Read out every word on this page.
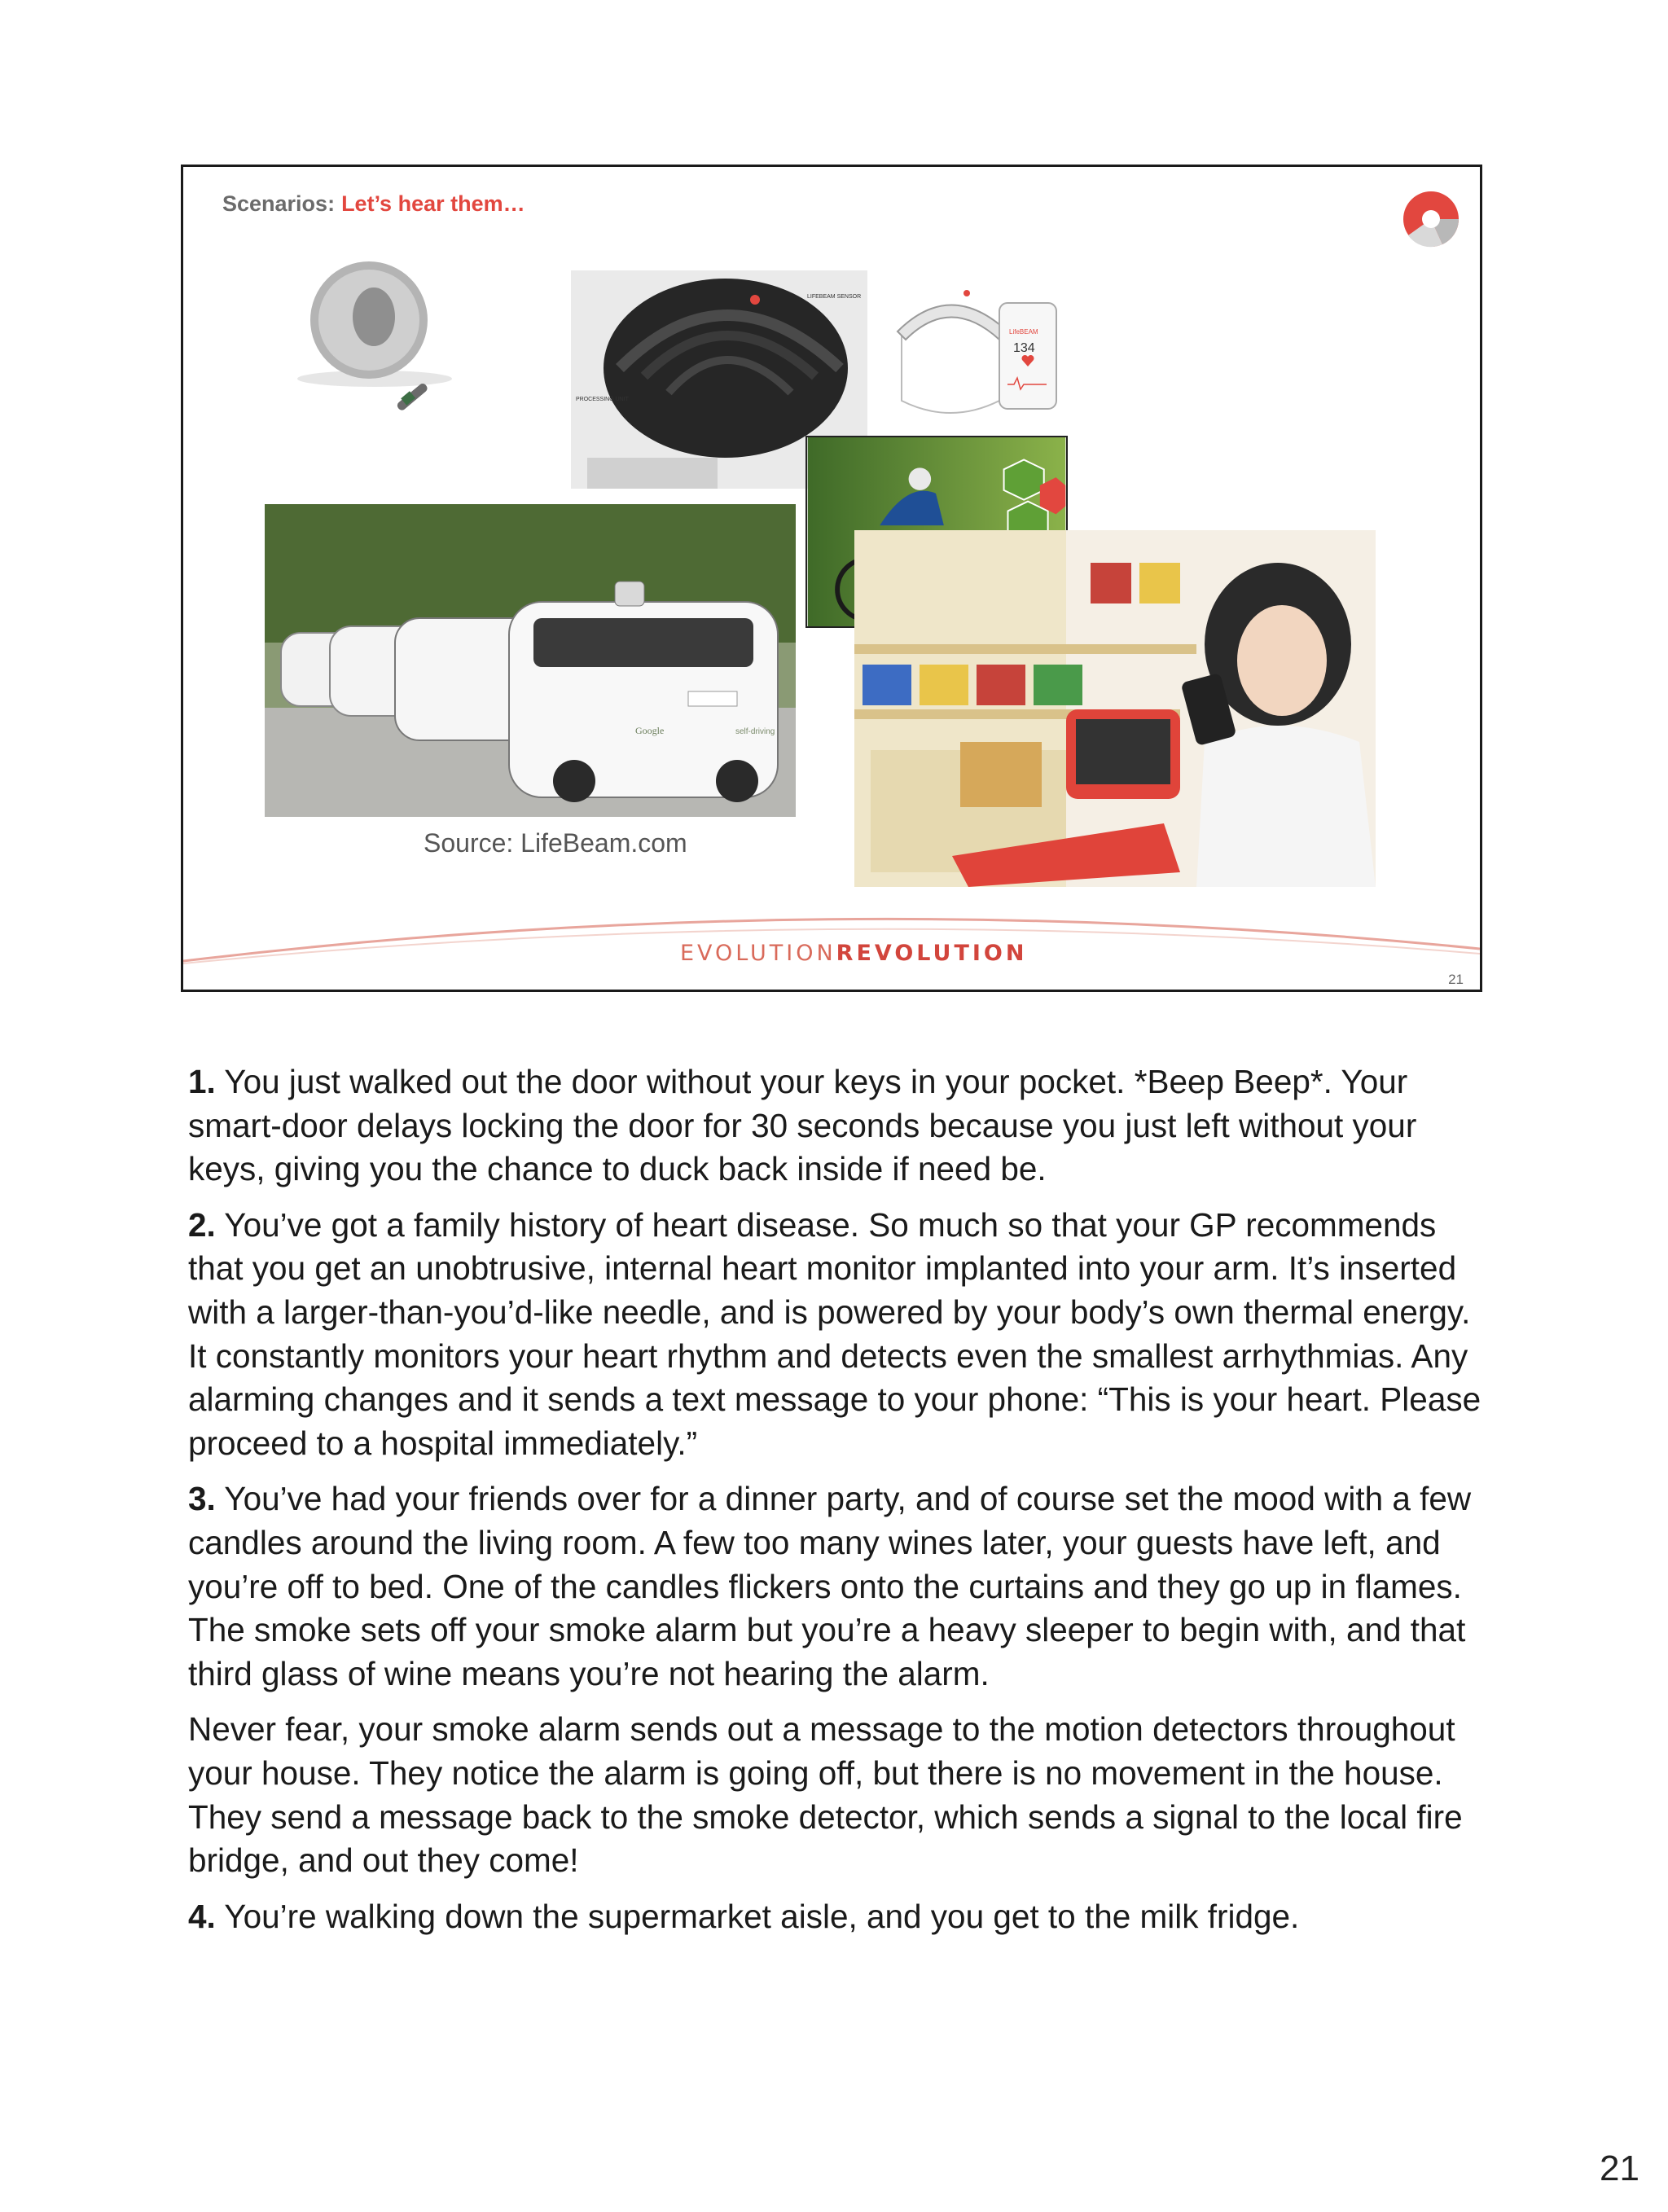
Scenarios: Let’s hear them…
LIFEBEAM SENSOR
PROCESSING UNIT
LifeBEAM
134
Google	self-driving
Source: LifeBeam.com
EVOLUTIONREVOLUTION
21

1. You just walked out the door without your keys in your pocket. *Beep Beep*. Your smart-door delays locking the door for 30 seconds because you just left without your keys, giving you the chance to duck back inside if need be.

2. You’ve got a family history of heart disease. So much so that your GP recommends that you get an unobtrusive, internal heart monitor implanted into your arm. It’s inserted with a larger-than-you’d-like needle, and is powered by your body’s own thermal energy. It constantly monitors your heart rhythm and detects even the smallest arrhythmias. Any alarming changes and it sends a text message to your phone: “This is your heart. Please proceed to a hospital immediately.”

3. You’ve had your friends over for a dinner party, and of course set the mood with a few candles around the living room. A few too many wines later, your guests have left, and you’re off to bed. One of the candles flickers onto the curtains and they go up in flames. The smoke sets off your smoke alarm but you’re a heavy sleeper to begin with, and that third glass of wine means you’re not hearing the alarm.

Never fear, your smoke alarm sends out a message to the motion detectors throughout your house. They notice the alarm is going off, but there is no movement in the house. They send a message back to the smoke detector, which sends a signal to the local fire bridge, and out they come!

4. You’re walking down the supermarket aisle, and you get to the milk fridge.

21
